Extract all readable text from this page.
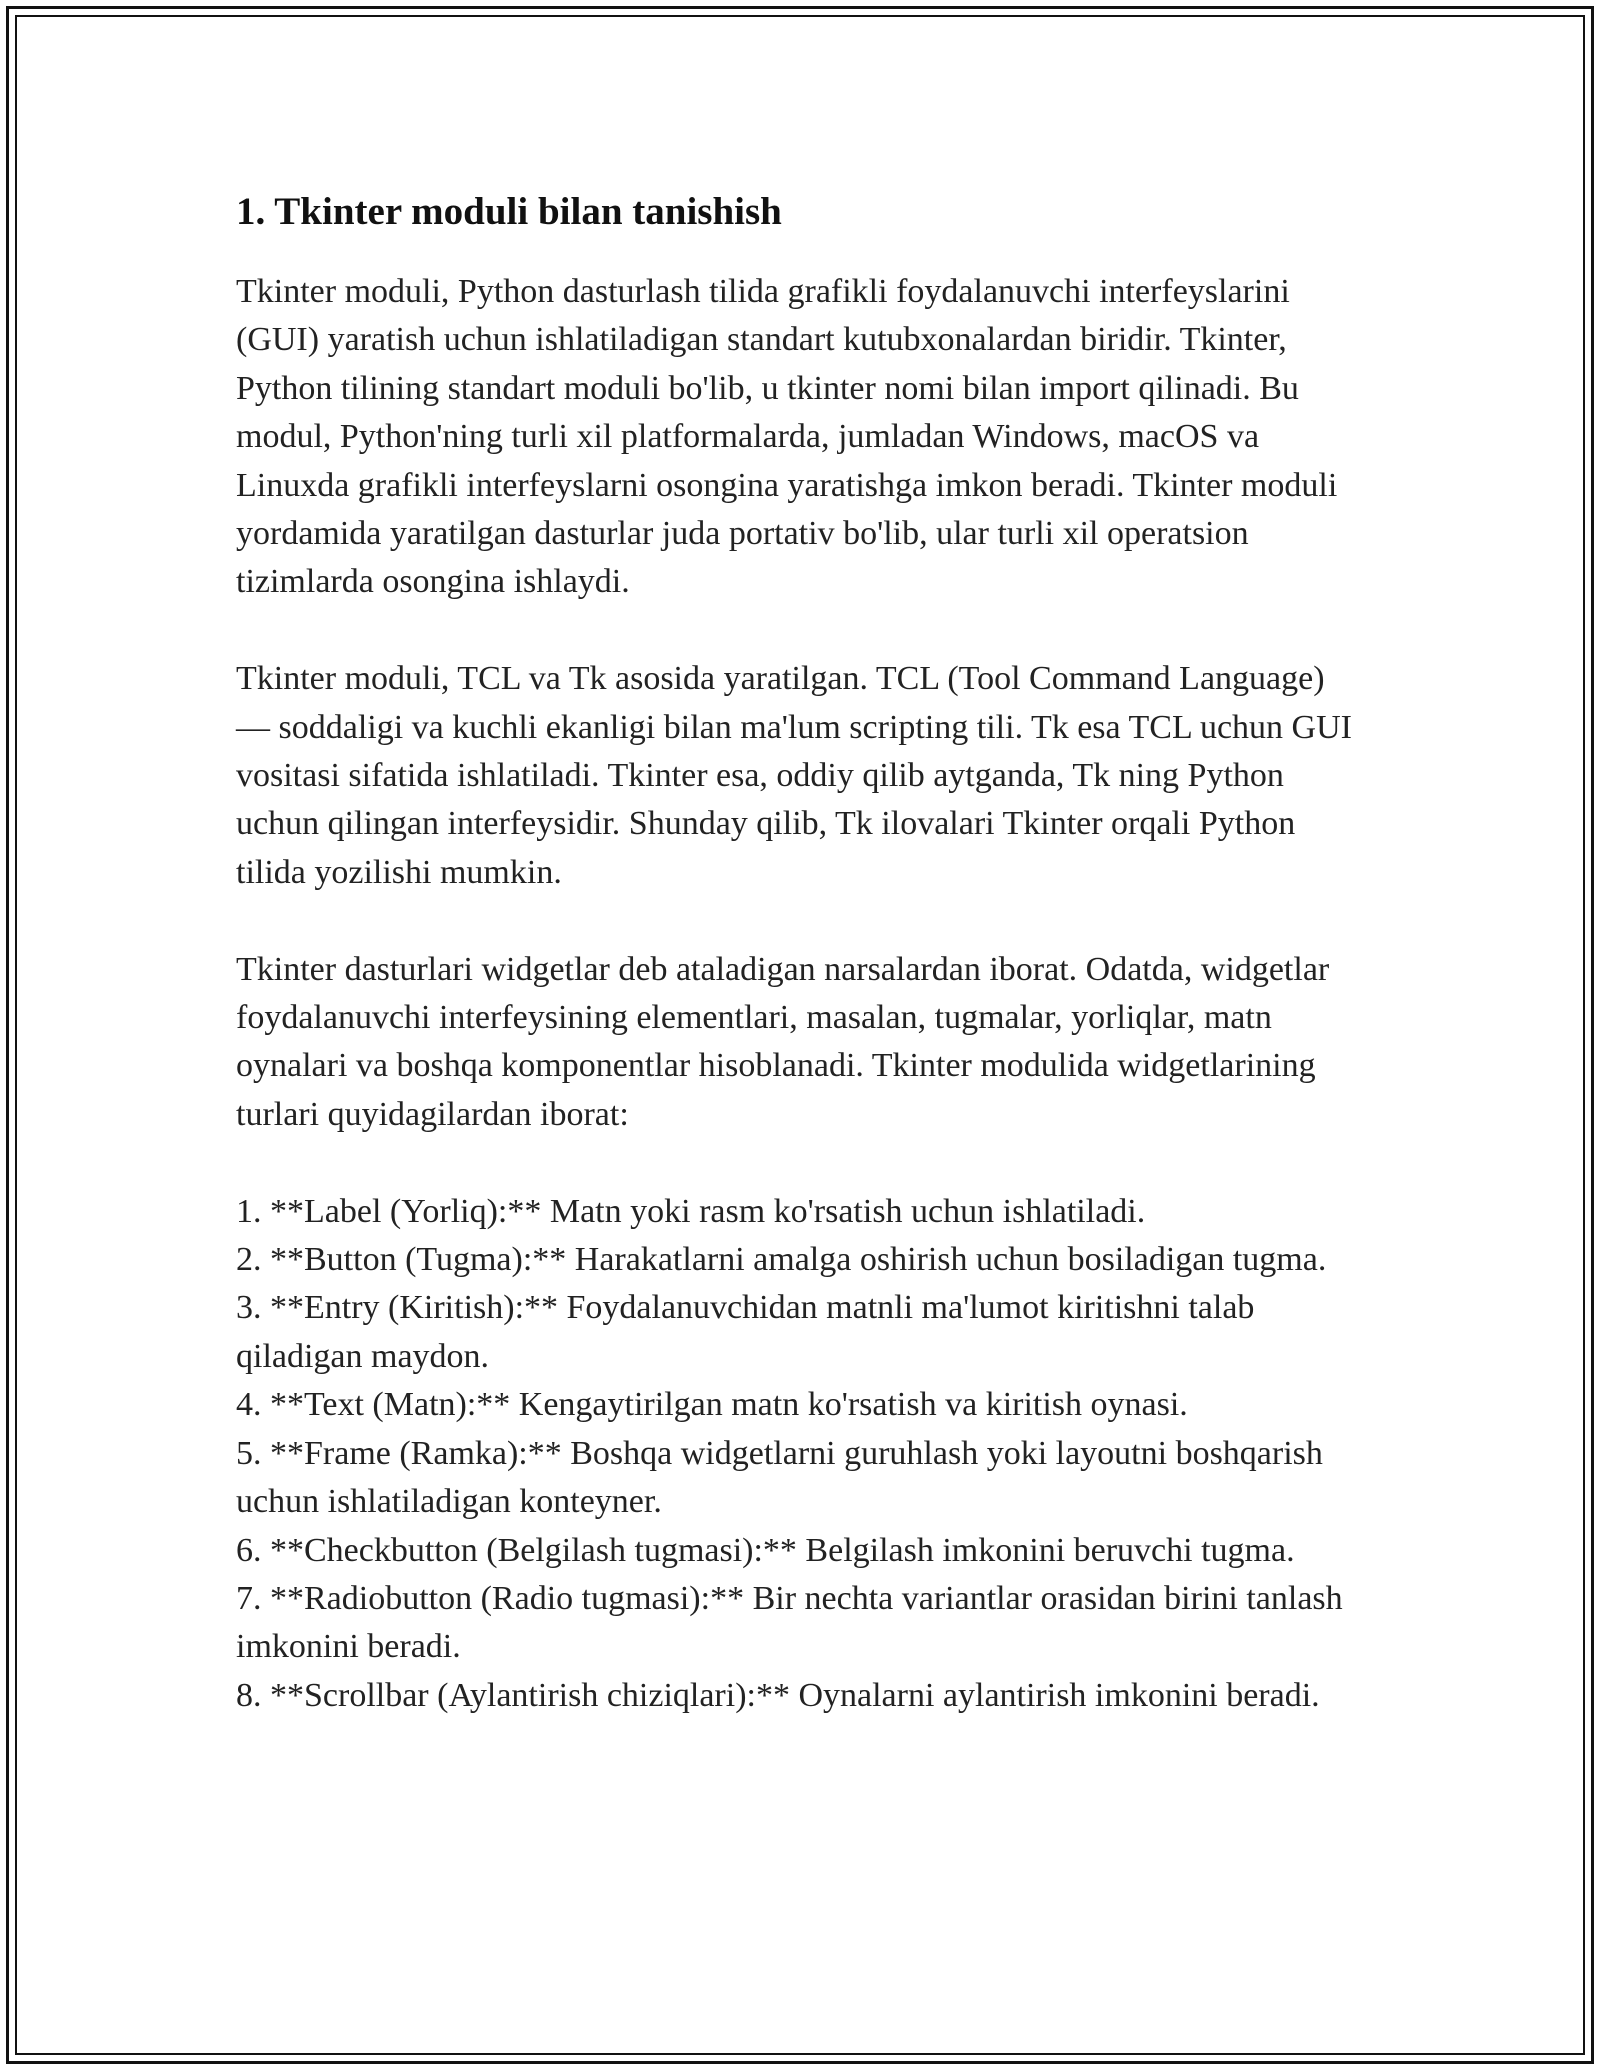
1. Tkinter moduli bilan tanishish

Tkinter moduli, Python dasturlash tilida grafikli foydalanuvchi interfeyslarini (GUI) yaratish uchun ishlatiladigan standart kutubxonalardan biridir. Tkinter, Python tilining standart moduli bo'lib, u tkinter nomi bilan import qilinadi. Bu modul, Python'ning turli xil platformalarda, jumladan Windows, macOS va Linuxda grafikli interfeyslarni osongina yaratishga imkon beradi. Tkinter moduli yordamida yaratilgan dasturlar juda portativ bo'lib, ular turli xil operatsion tizimlarda osongina ishlaydi.

Tkinter moduli, TCL va Tk asosida yaratilgan. TCL (Tool Command Language) — soddaligi va kuchli ekanligi bilan ma'lum scripting tili. Tk esa TCL uchun GUI vositasi sifatida ishlatiladi. Tkinter esa, oddiy qilib aytganda, Tk ning Python uchun qilingan interfeysidir. Shunday qilib, Tk ilovalari Tkinter orqali Python tilida yozilishi mumkin.

Tkinter dasturlari widgetlar deb ataladigan narsalardan iborat. Odatda, widgetlar foydalanuvchi interfeysining elementlari, masalan, tugmalar, yorliqlar, matn oynalari va boshqa komponentlar hisoblanadi. Tkinter modulida widgetlarining turlari quyidagilardan iborat:

1. **Label (Yorliq):** Matn yoki rasm ko'rsatish uchun ishlatiladi.
2. **Button (Tugma):** Harakatlarni amalga oshirish uchun bosiladigan tugma.
3. **Entry (Kiritish):** Foydalanuvchidan matnli ma'lumot kiritishni talab qiladigan maydon.
4. **Text (Matn):** Kengaytirilgan matn ko'rsatish va kiritish oynasi.
5. **Frame (Ramka):** Boshqa widgetlarni guruhlash yoki layoutni boshqarish uchun ishlatiladigan konteyner.
6. **Checkbutton (Belgilash tugmasi):** Belgilash imkonini beruvchi tugma.
7. **Radiobutton (Radio tugmasi):** Bir nechta variantlar orasidan birini tanlash imkonini beradi.
8. **Scrollbar (Aylantirish chiziqlari):** Oynalarni aylantirish imkonini beradi.
